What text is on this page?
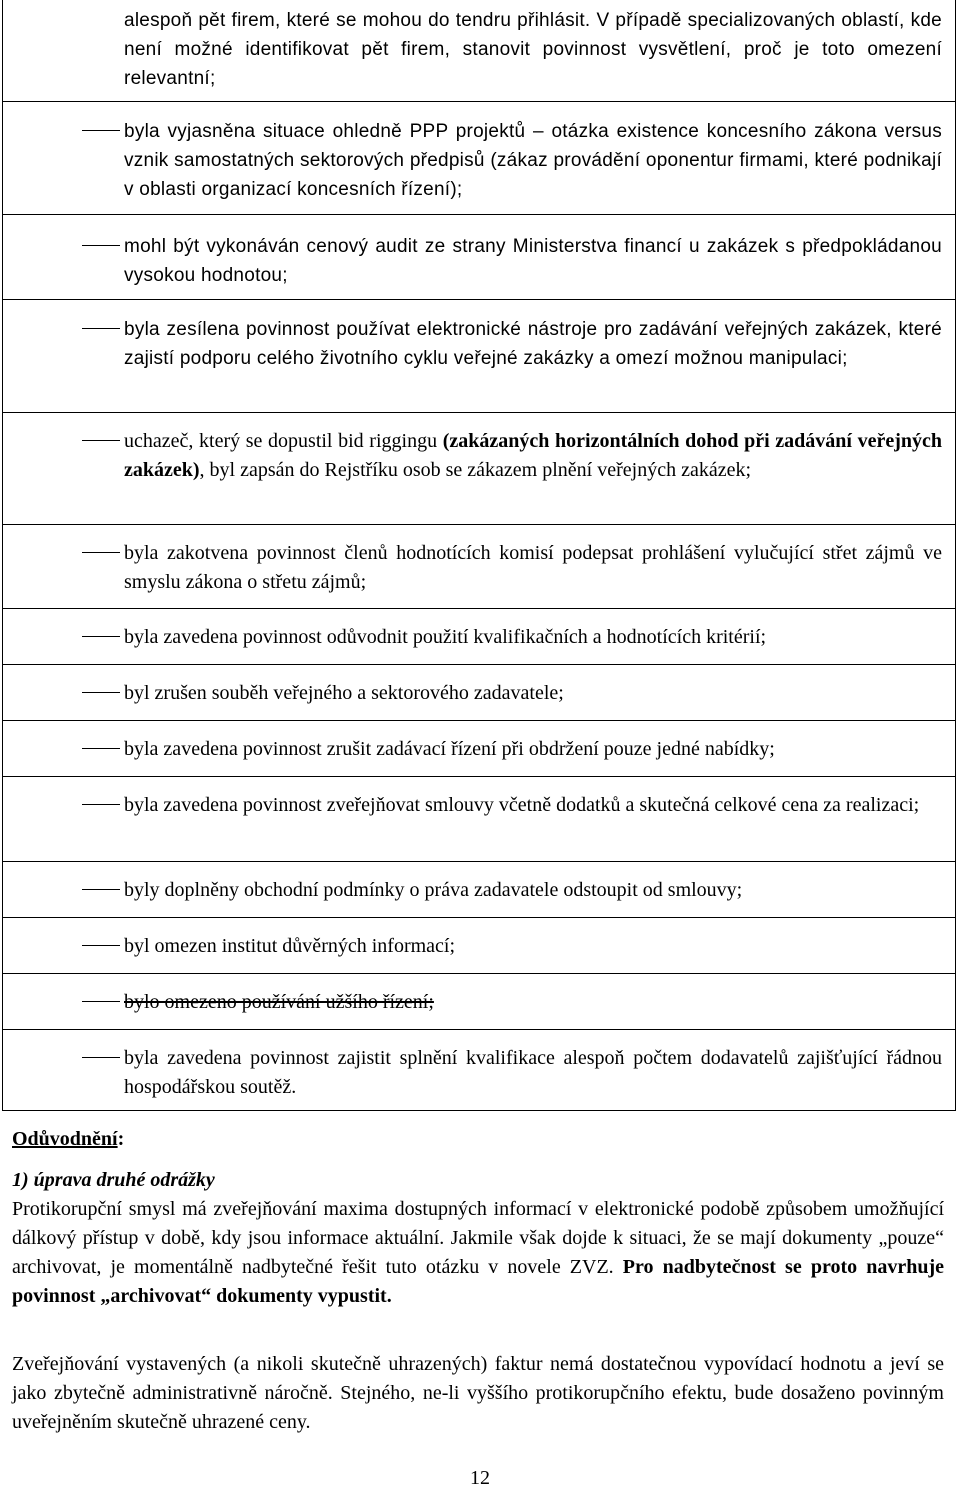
alespoň pět firem, které se mohou do tendru přihlásit. V případě specializovaných oblastí, kde není možné identifikovat pět firem, stanovit povinnost vysvětlení, proč je toto omezení relevantní;
byla vyjasněna situace ohledně PPP projektů – otázka existence koncesního zákona versus vznik samostatných sektorových předpisů (zákaz provádění oponentur firmami, které podnikají v oblasti organizací koncesních řízení);
mohl být vykonáván cenový audit ze strany Ministerstva financí u zakázek s předpokládanou vysokou hodnotou;
byla zesílena povinnost používat elektronické nástroje pro zadávání veřejných zakázek, které zajistí podporu celého životního cyklu veřejné zakázky a omezí možnou manipulaci;
uchazeč, který se dopustil bid riggingu (zakázaných horizontálních dohod při zadávání veřejných zakázek), byl zapsán do Rejstříku osob se zákazem plnění veřejných zakázek;
byla zakotvena povinnost členů hodnotících komisí podepsat prohlášení vylučující střet zájmů ve smyslu zákona o střetu zájmů;
byla zavedena povinnost odůvodnit použití kvalifikačních a hodnotících kritérií;
byl zrušen souběh veřejného a sektorového zadavatele;
byla zavedena povinnost zrušit zadávací řízení při obdržení pouze jedné nabídky;
byla zavedena povinnost zveřejňovat smlouvy včetně dodatků a skutečná celkové cena za realizaci;
byly doplněny obchodní podmínky o práva zadavatele odstoupit od smlouvy;
byl omezen institut důvěrných informací;
bylo omezeno používání užšího řízení;
byla zavedena povinnost zajistit splnění kvalifikace alespoň počtem dodavatelů zajišťující řádnou hospodářskou soutěž.
Odůvodnění:
1) úprava druhé odrážky
Protikorupční smysl má zveřejňování maxima dostupných informací v elektronické podobě způsobem umožňující dálkový přístup v době, kdy jsou informace aktuální. Jakmile však dojde k situaci, že se mají dokumenty „pouze“ archivovat, je momentálně nadbytečné řešit tuto otázku v novele ZVZ. Pro nadbytečnost se proto navrhuje povinnost „archivovat“ dokumenty vypustit.
Zveřejňování vystavených (a nikoli skutečně uhrazených) faktur nemá dostatečnou vypovídací hodnotu a jeví se jako zbytečně administrativně náročně. Stejného, ne-li vyššího protikorupčního efektu, bude dosaženo povinným uveřejněním skutečně uhrazené ceny.
12
